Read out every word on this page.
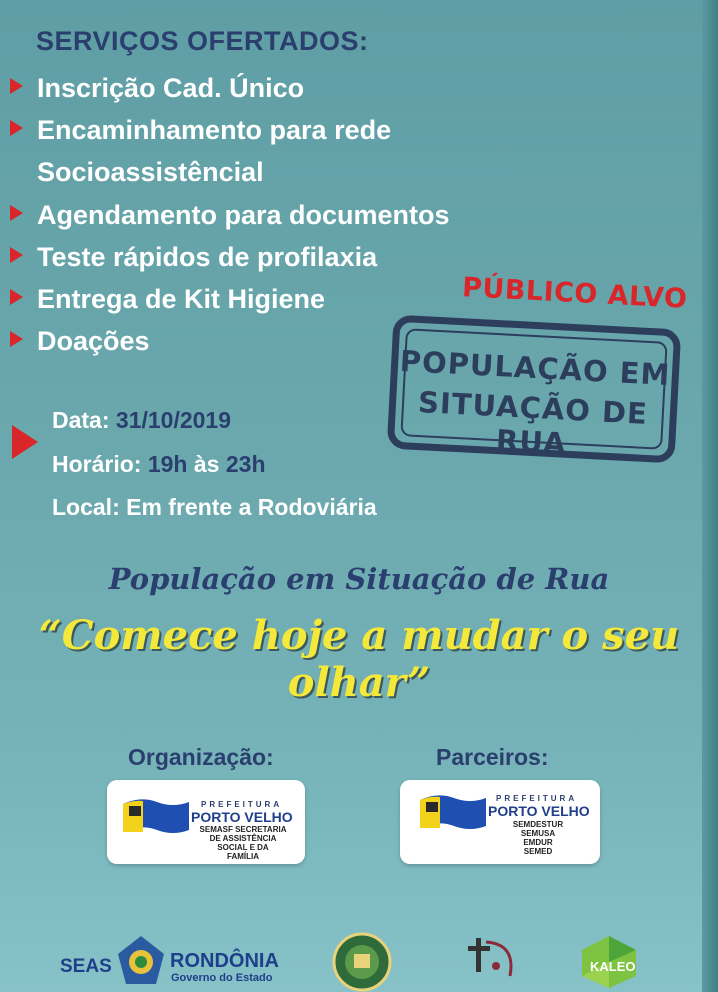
SERVIÇOS OFERTADOS:
Inscrição Cad. Único
Encaminhamento para rede
Socioassistêncial
Agendamento para documentos
Teste rápidos de profilaxia
Entrega de Kit Higiene
Doações
PÚBLICO ALVO
POPULAÇÃO EM
SITUAÇÃO DE RUA
Data: 31/10/2019
Horário: 19h às 23h
Local: Em frente a Rodoviária
População em Situação de Rua
“Comece hoje a mudar o seu olhar”
Organização:	Parceiros:
PREFEITURA
PORTO VELHO
SEMASF SECRETARIA
DE ASSISTÊNCIA
SOCIAL E DA
FAMÍLIA
PREFEITURA
PORTO VELHO
SEMDESTUR
SEMUSA
EMDUR
SEMED
SEAS	RONDÔNIA
Governo do Estado
KALEO
